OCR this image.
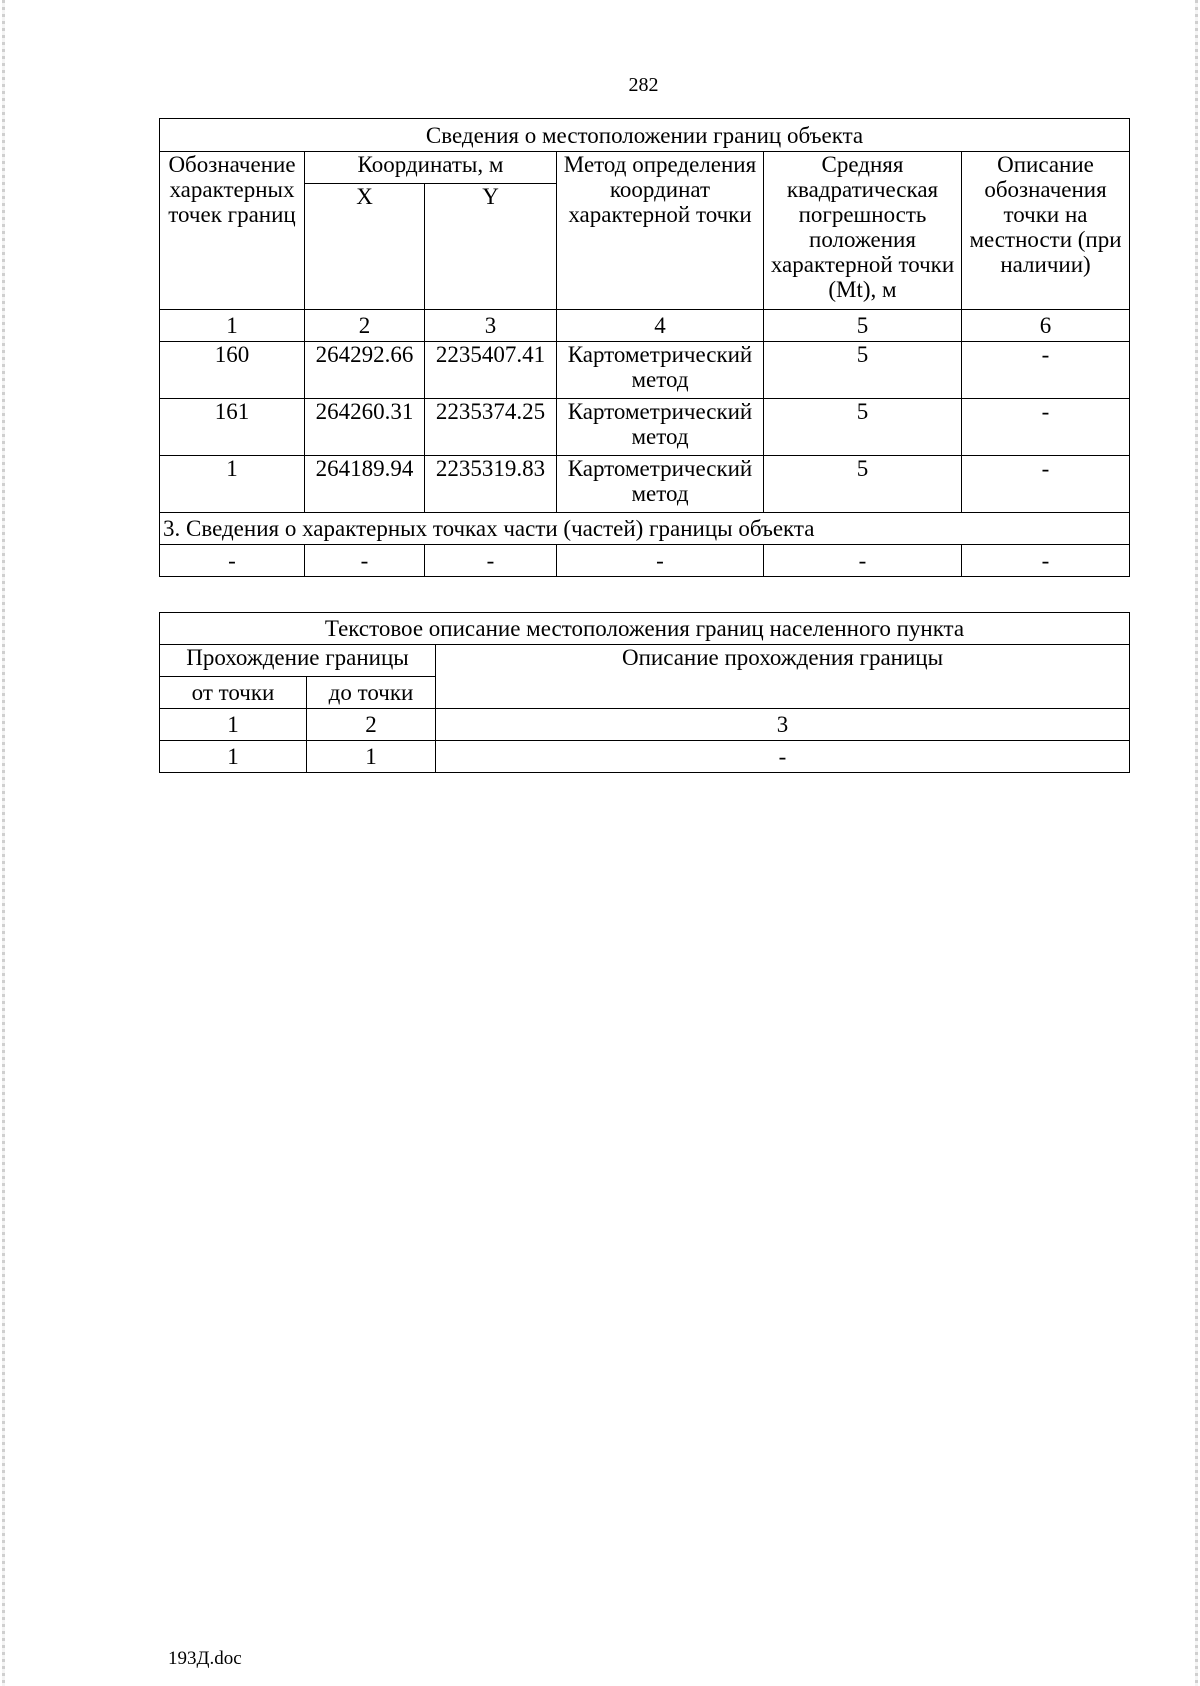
282
Сведения о местоположении границ объекта					
Обозначение характерных точек границ	Координаты, м		Метод определения координат характерной точки	Средняя квадратическая погрешность положения характерной точки (Mt), м	Описание обозначения точки на местности (при наличии)
	X	Y			
1	2	3	4	5	6
160	264292.66	2235407.41	Картометрический метод	5	-
161	264260.31	2235374.25	Картометрический метод	5	-
1	264189.94	2235319.83	Картометрический метод	5	-
3. Сведения о характерных точках части (частей) границы объекта					
-	-	-	-	-	-
Текстовое описание местоположения границ населенного пункта		
Прохождение границы		Описание прохождения границы
от точки	до точки	
1	2	3
1	1	-
193Д.doc
